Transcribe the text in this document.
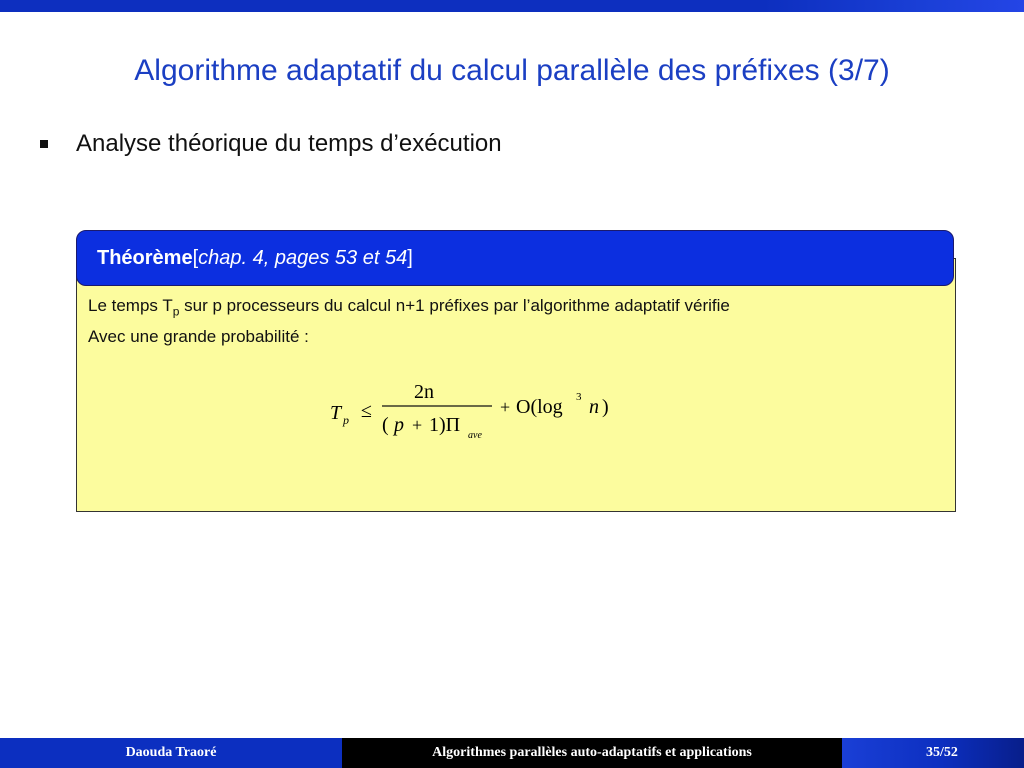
Algorithme adaptatif du calcul parallèle des préfixes (3/7)
Analyse théorique du temps d’exécution
Théorème [ chap. 4, pages 53 et 54 ]
Le temps $T_p$ sur p processeurs du calcul n+1 préfixes par l’algorithme adaptatif vérifie
Avec une grande probabilité :
T p ≤
2n
( p + 1)Π ave
+ O(log 3 n )
Daouda Traoré	Algorithmes parallèles auto-adaptatifs et applications	35/52
